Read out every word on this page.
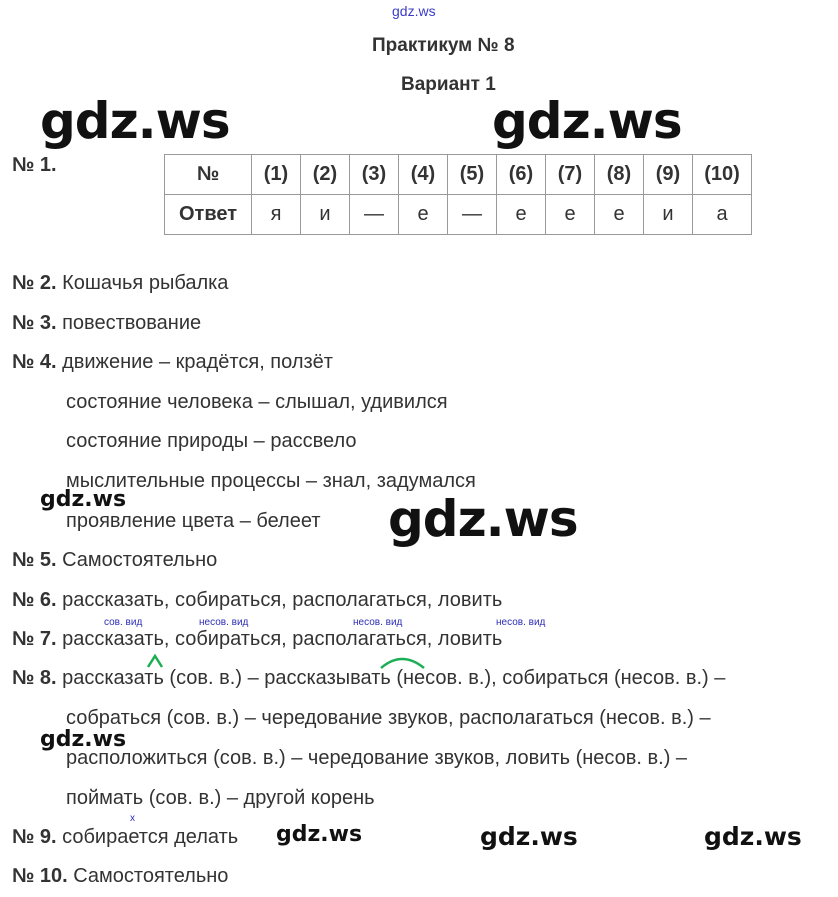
gdz.ws
gdz.ws	gdz.ws
gdz.ws
gdz.ws
gdz.ws
gdz.ws	gdz.ws	gdz.ws
Практикум № 8
Вариант 1
№ 1.	№	(1)	(2)	(3)	(4)	(5)	(6)	(7)	(8)	(9)	(10)
Ответ	я	и	—	е	—	е	е	е	и	а
№ 2. Кошачья рыбалка
№ 3. повествование
№ 4. движение – крадётся, ползёт
состояние человека – слышал, удивился
состояние природы – рассвело
мыслительные процессы – знал, задумался
проявление цвета – белеет
№ 5. Самостоятельно
№ 6. рассказать, собираться, располагаться, ловить
сов. вид	несов. вид	несов. вид	несов. вид
№ 7. рассказать, собираться, располагаться, ловить
№ 8. рассказать (сов. в.) – рассказывать (несов. в.), собираться (несов. в.) –
собраться (сов. в.) – чередование звуков, располагаться (несов. в.) –
расположиться (сов. в.) – чередование звуков, ловить (несов. в.) –
поймать (сов. в.) – другой корень
x
№ 9. собирается делать
№ 10. Самостоятельно
